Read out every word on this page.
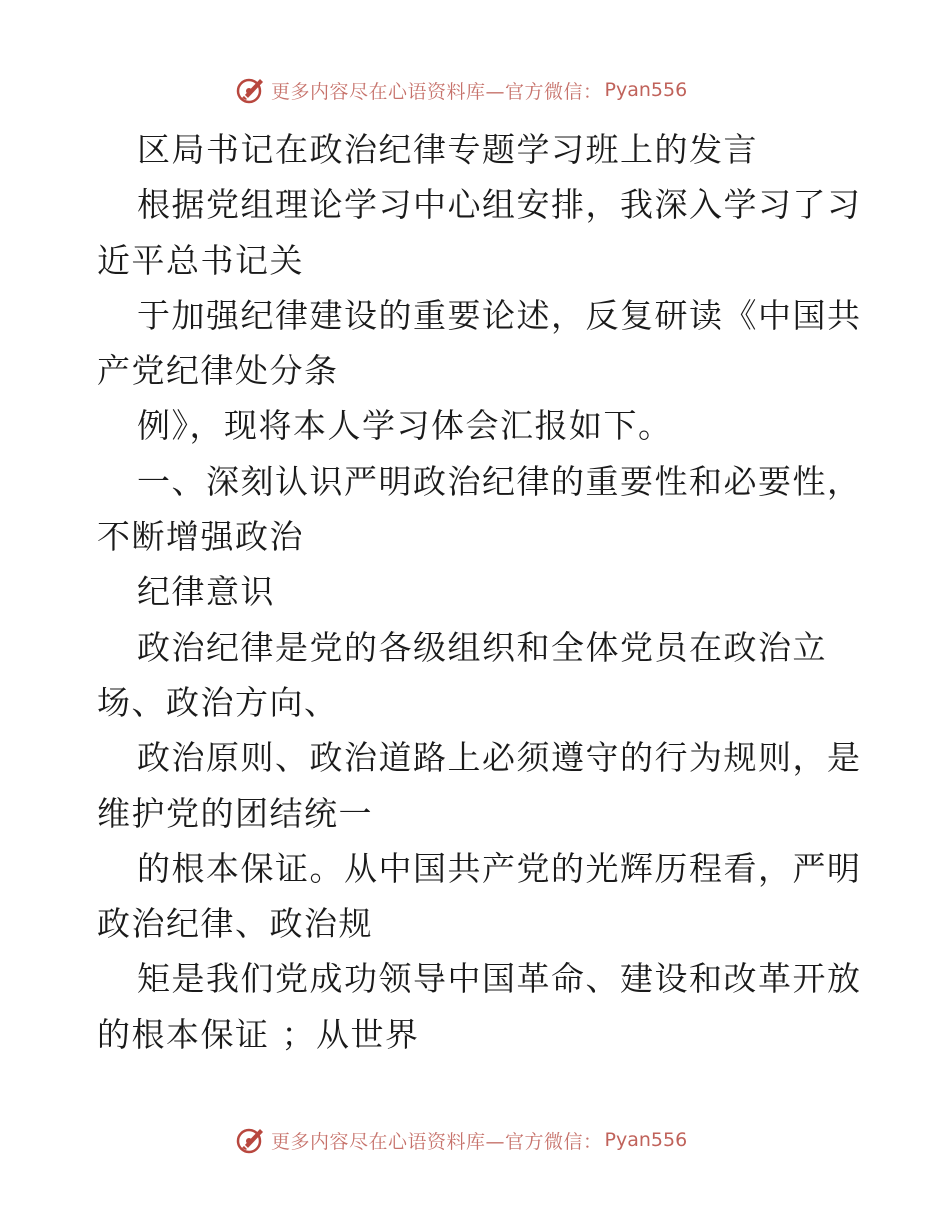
更多内容尽在心语资料库—官方微信： Pyan556
区局书记在政治纪律专题学习班上的发言
根据党组理论学习中心组安排，我深入学习了习
近平总书记关
于加强纪律建设的重要论述，反复研读《中国共
产党纪律处分条
例》，现将本人学习体会汇报如下。
一、深刻认识严明政治纪律的重要性和必要性，
不断增强政治
纪律意识
政治纪律是党的各级组织和全体党员在政治立
场、政治方向、
政治原则、政治道路上必须遵守的行为规则，是
维护党的团结统一
的根本保证。从中国共产党的光辉历程看，严明
政治纪律、政治规
矩是我们党成功领导中国革命、建设和改革开放
的根本保证 ；从世界
更多内容尽在心语资料库—官方微信： Pyan556
